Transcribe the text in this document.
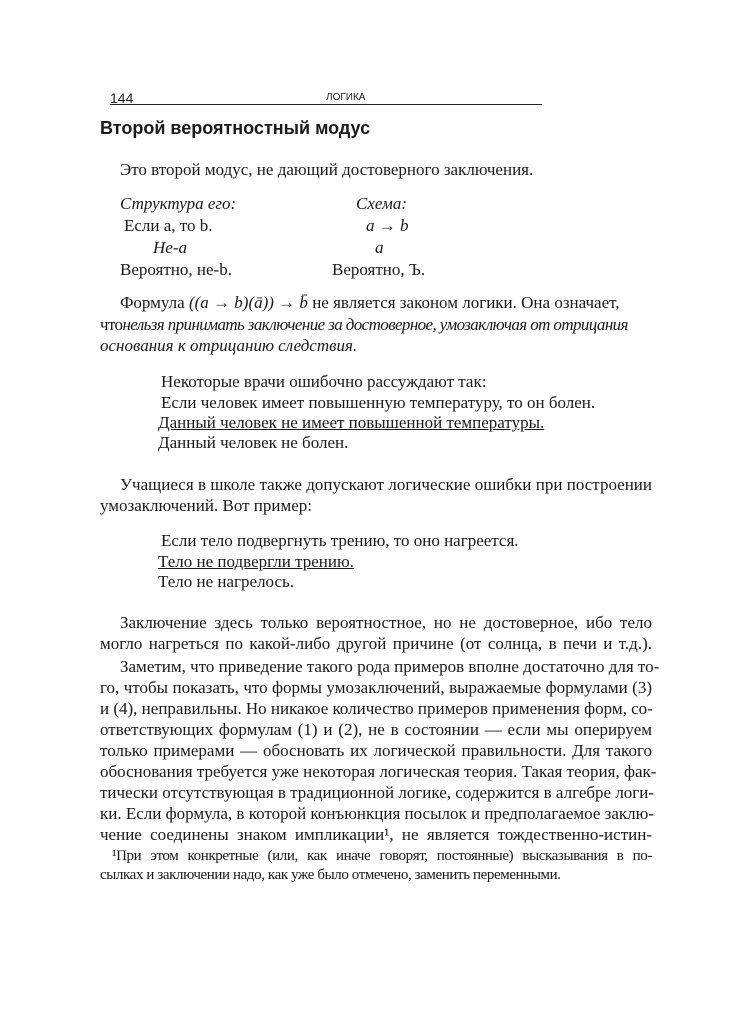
144	ЛОГИКА
Второй вероятностный модус
Это второй модус, не дающий достоверного заключения.
Структура его:
Если a, то b.
Не-a
Вероятно, не-b.
Схема:
a → b
a
Вероятно, Ъ.
Формула ((a → b)(ā)) → b̄ не является законом логики. Она означает,
чтонельзя принимать заключение за достоверное, умозаключая от отрицания
основания к отрицанию следствия.
Некоторые врачи ошибочно рассуждают так:
Если человек имеет повышенную температуру, то он болен.
Данный человек не имеет повышенной температуры.
Данный человек не болен.
Учащиеся в школе также допускают логические ошибки при построении
умозаключений. Вот пример:
Если тело подвергнуть трению, то оно нагреется.
Тело не подвергли трению.
Тело не нагрелось.
Заключение здесь только вероятностное, но не достоверное, ибо тело
могло нагреться по какой-либо другой причине (от солнца, в печи и т.д.).
Заметим, что приведение такого рода примеров вполне достаточно для то-
го, чтобы показать, что формы умозаключений, выражаемые формулами (3)
и (4), неправильны. Но никакое количество примеров применения форм, со-
ответствующих формулам (1) и (2), не в состоянии — если мы оперируем
только примерами — обосновать их логической правильности. Для такого
обоснования требуется уже некоторая логическая теория. Такая теория, фак-
тически отсутствующая в традиционной логике, содержится в алгебре логи-
ки. Если формула, в которой конъюнкция посылок и предполагаемое заклю-
чение соединены знаком импликации¹, не является тождественно-истин-
¹При этом конкретные (или, как иначе говорят, постоянные) высказывания в по-
сылках и заключении надо, как уже было отмечено, заменить переменными.
